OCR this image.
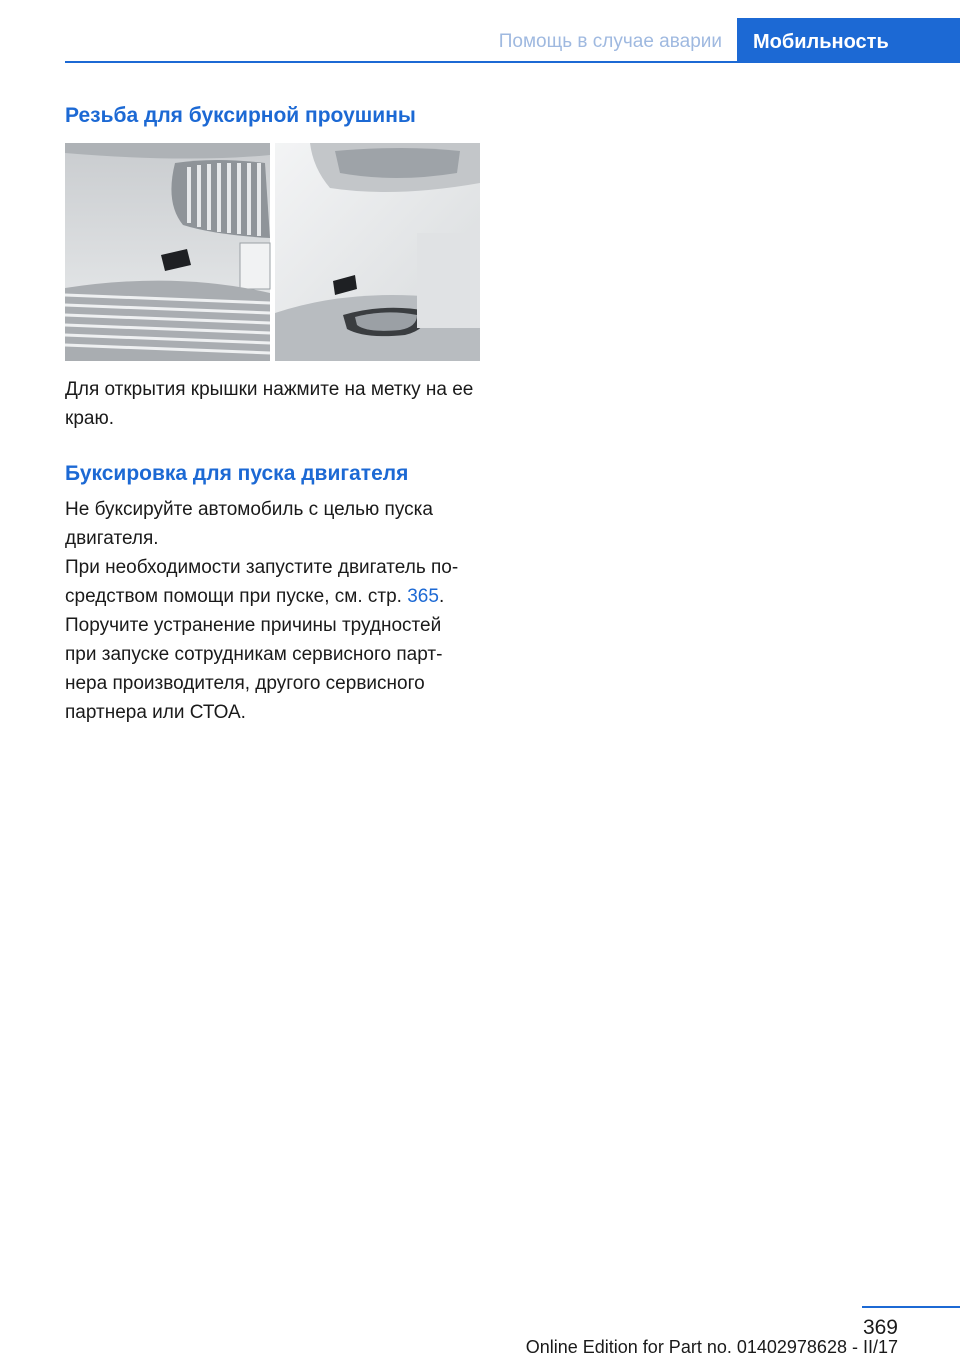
Помощь в случае аварии	Мобильность
Резьба для буксирной проушины

Для открытия крышки нажмите на метку на ее краю.

Буксировка для пуска двигателя

Не буксируйте автомобиль с целью пуска двигателя.

При необходимости запустите двигатель посредством помощи при пуске, см. стр. 365.

Поручите устранение причины трудностей при запуске сотрудникам сервисного партнера производителя, другого сервисного партнера или СТОА.

369
Online Edition for Part no. 01402978628 - II/17
